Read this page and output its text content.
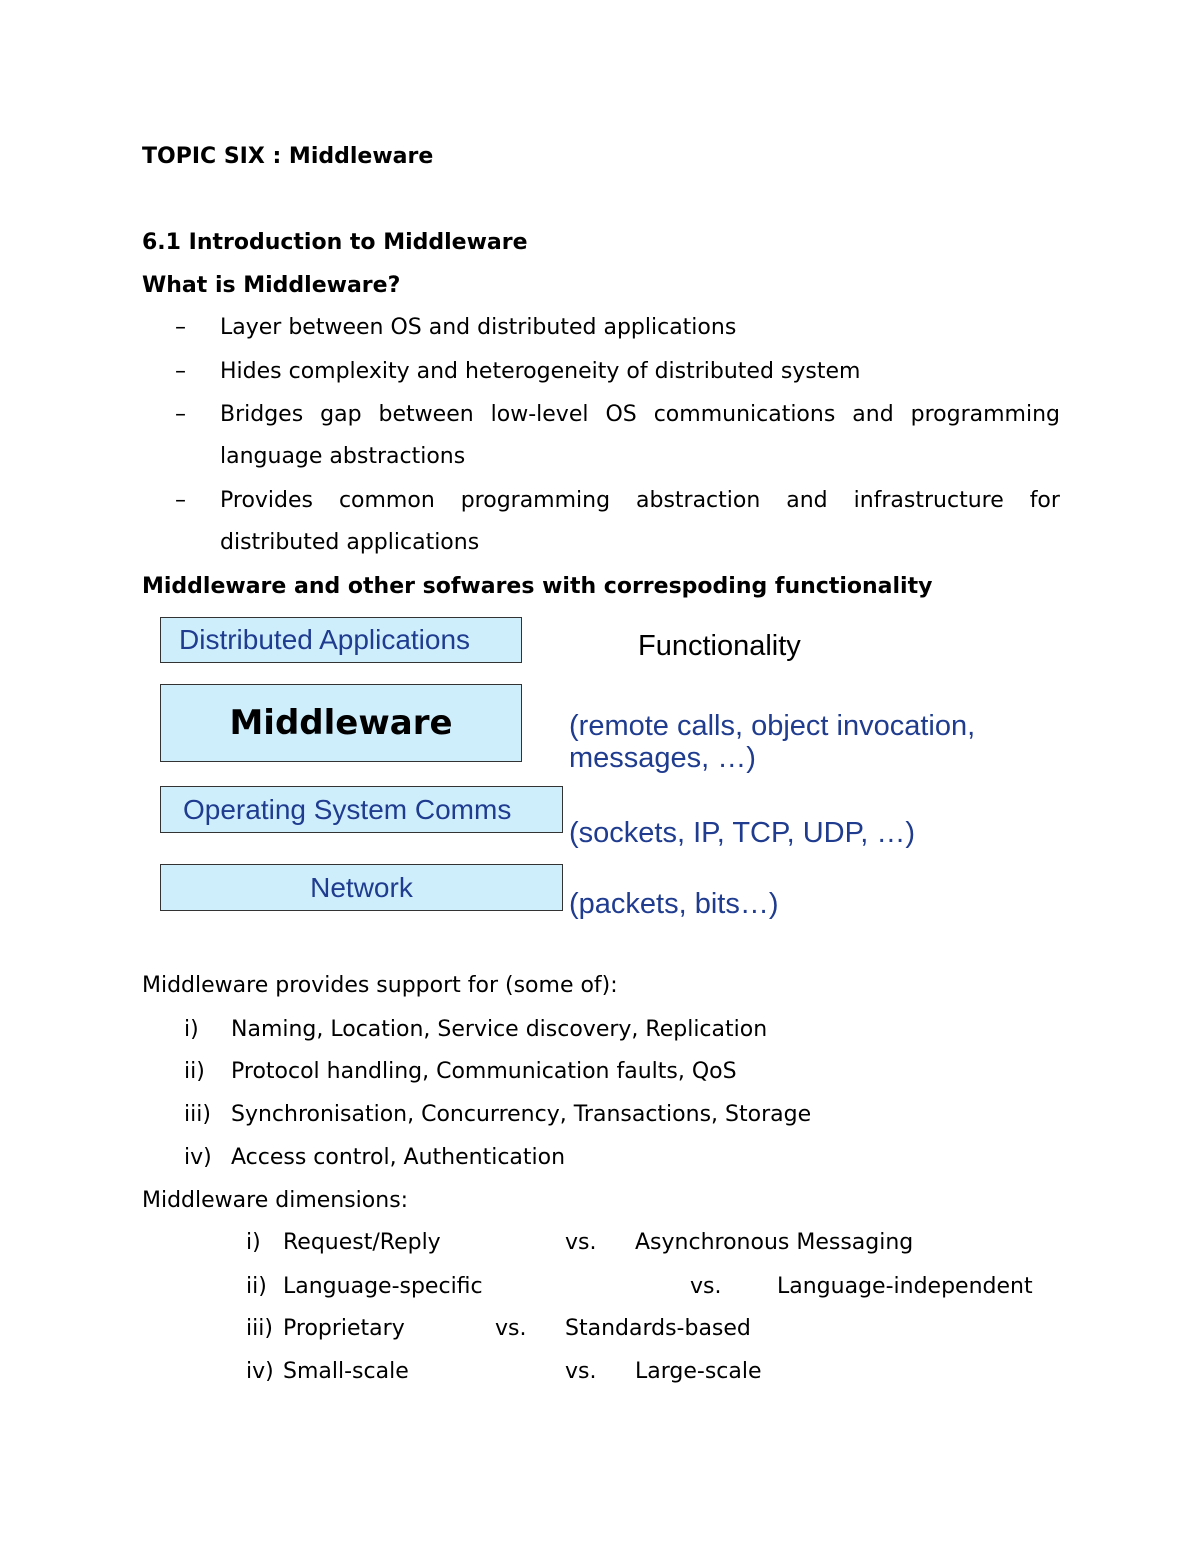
TOPIC SIX : Middleware
6.1 Introduction to Middleware
What is Middleware?
– Layer between OS and distributed applications
– Hides complexity and heterogeneity of distributed system
– Bridges gap between low-level OS communications and programming
language abstractions
– Provides common programming abstraction and infrastructure for
distributed applications
Middleware and other sofwares with correspoding functionality
Distributed Applications
Middleware
Operating System Comms
Network
Functionality
(remote calls, object invocation,
messages, …)
(sockets, IP, TCP, UDP, …)
(packets, bits…)
Middleware provides support for (some of):
i) Naming, Location, Service discovery, Replication
ii) Protocol handling, Communication faults, QoS
iii) Synchronisation, Concurrency, Transactions, Storage
iv) Access control, Authentication
Middleware dimensions:
i) Request/Reply	vs. Asynchronous Messaging
ii) Language-specific	vs.	Language-independent
iii) Proprietary	vs. Standards-based
iv) Small-scale	vs. Large-scale
